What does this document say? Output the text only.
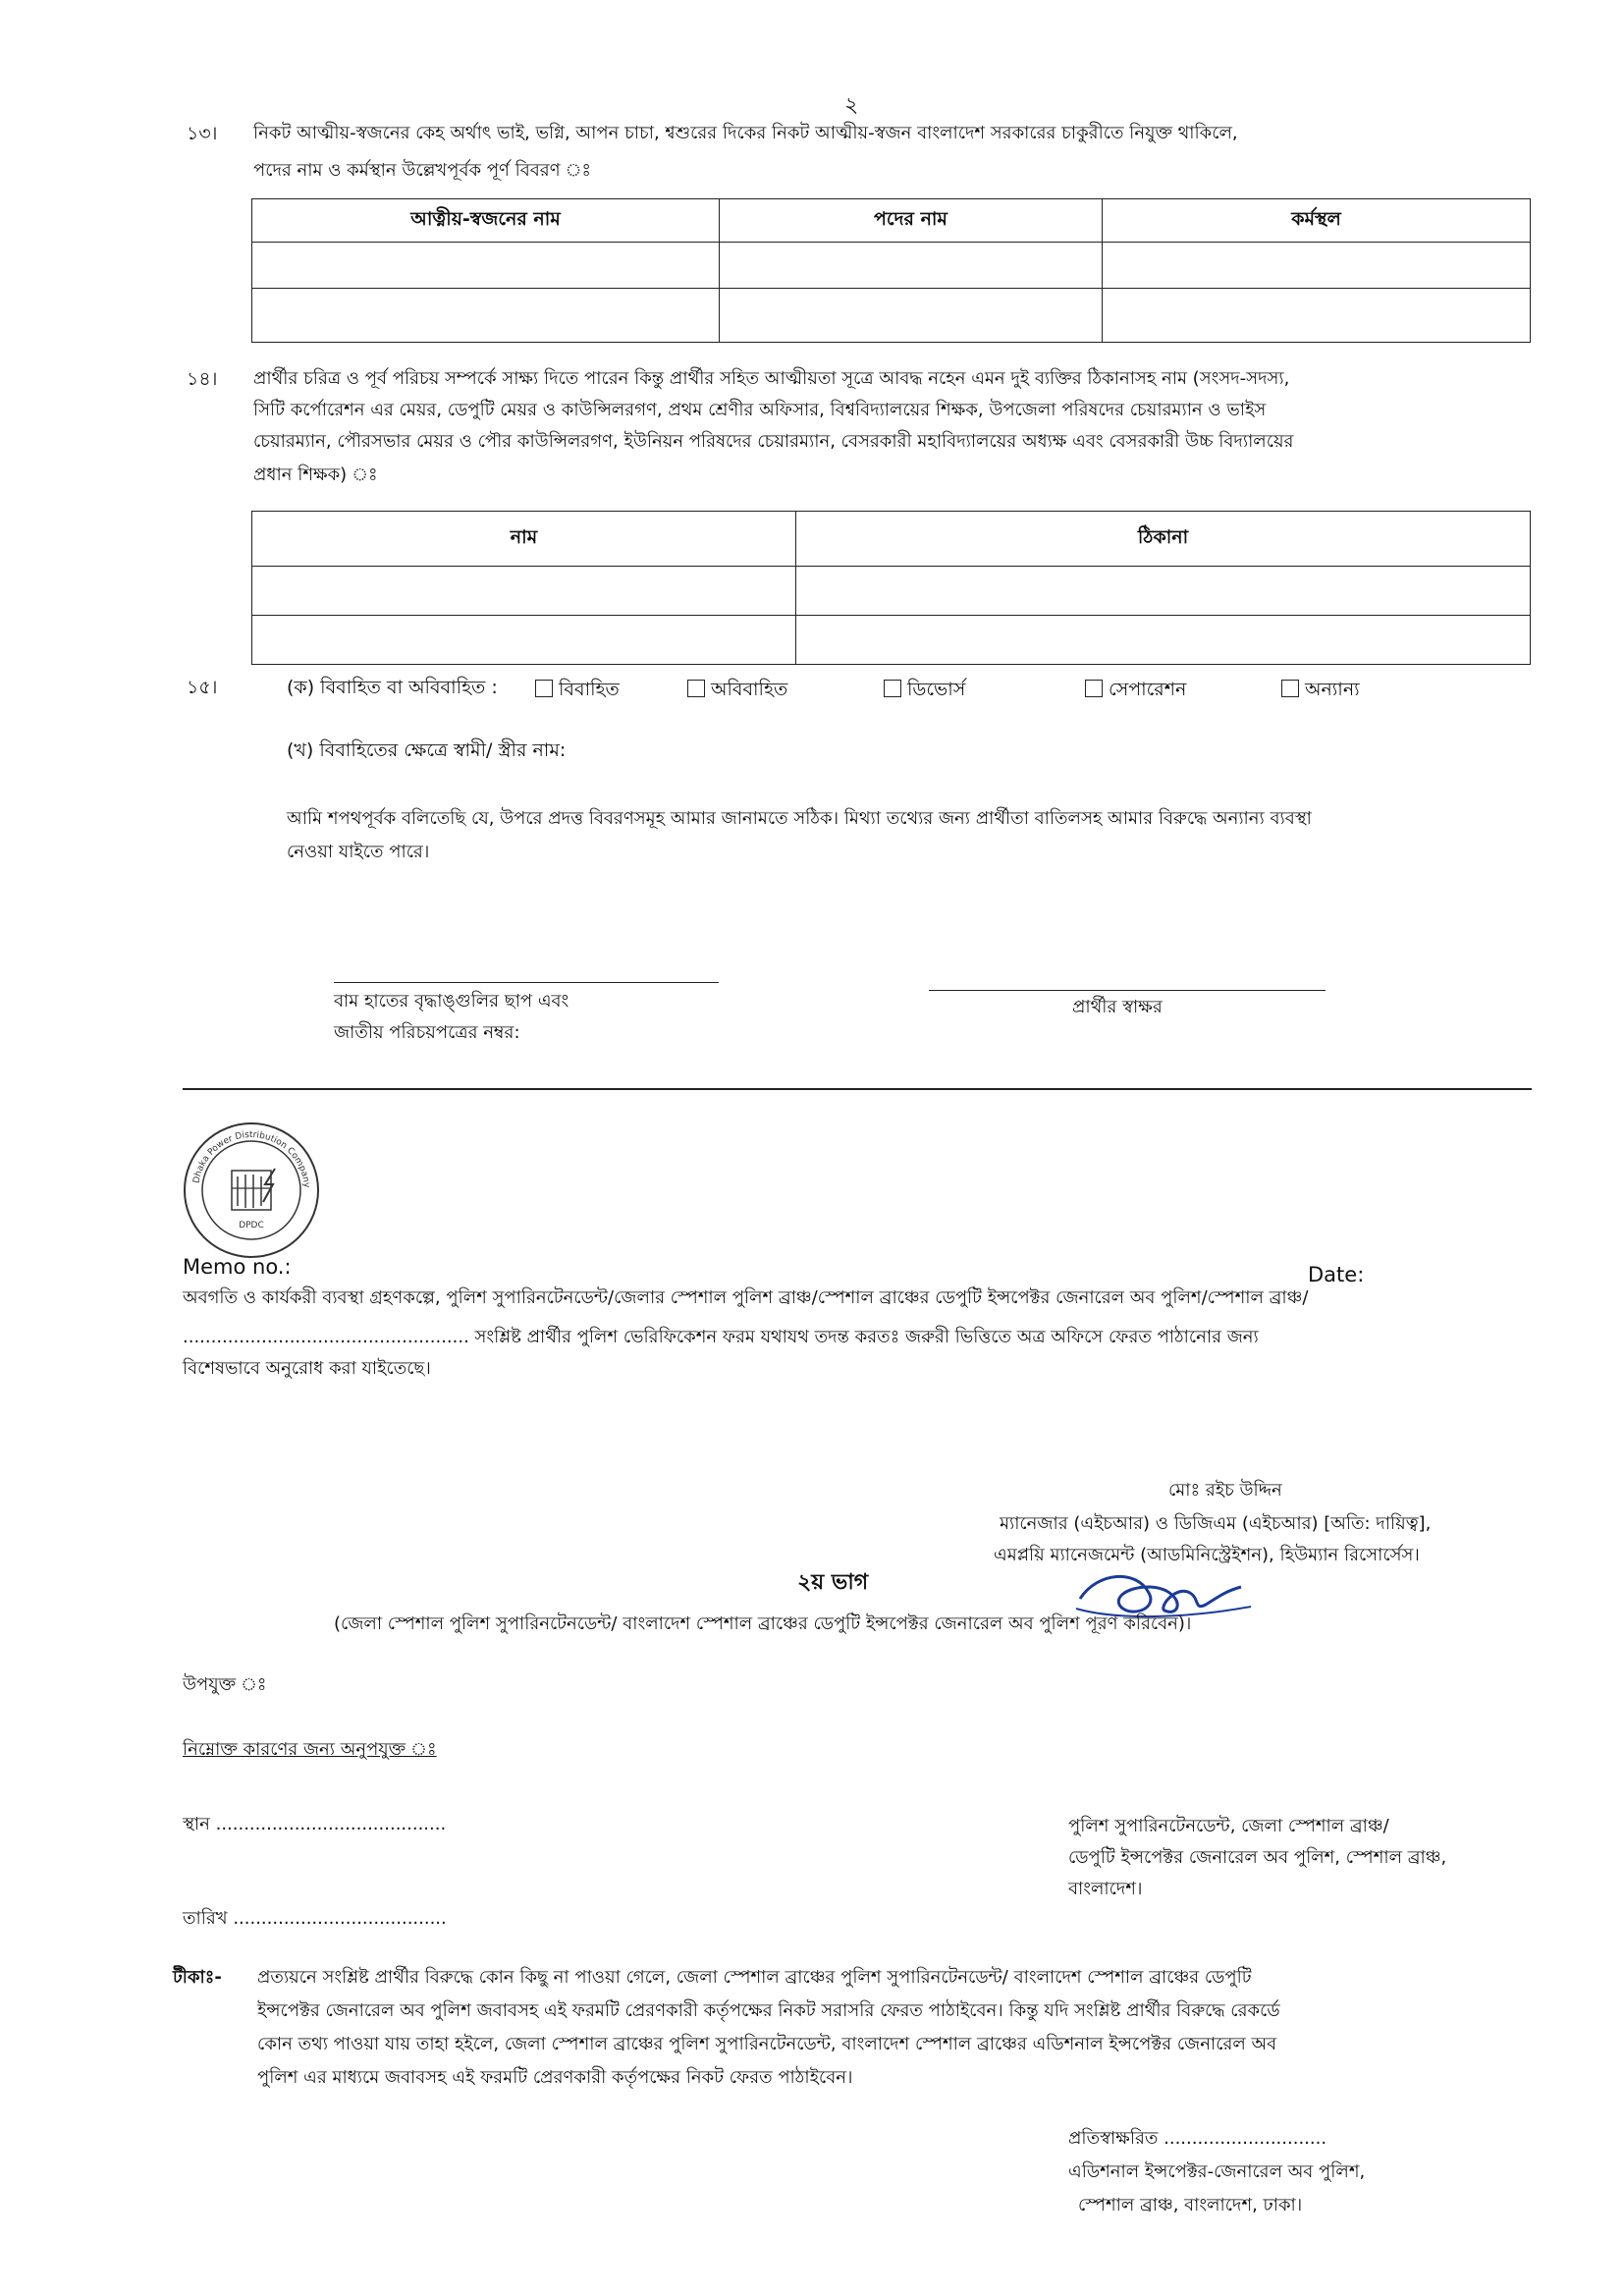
২
১৩। নিকট আত্মীয়-স্বজনের কেহ অর্থাৎ ভাই, ভগ্নি, আপন চাচা, শ্বশুরের দিকের নিকট আত্মীয়-স্বজন বাংলাদেশ সরকারের চাকুরীতে নিযুক্ত থাকিলে,
পদের নাম ও কর্মস্থান উল্লেখপূর্বক পূর্ণ বিবরণ ঃ
আত্নীয়-স্বজনের নাম	পদের নাম	কর্মস্থল

১৪। প্রার্থীর চরিত্র ও পূর্ব পরিচয় সম্পর্কে সাক্ষ্য দিতে পারেন কিন্তু প্রার্থীর সহিত আত্মীয়তা সূত্রে আবদ্ধ নহেন এমন দুই ব্যক্তির ঠিকানাসহ নাম (সংসদ-সদস্য,
সিটি কর্পোরেশন এর মেয়র, ডেপুটি মেয়র ও কাউন্সিলরগণ, প্রথম শ্রেণীর অফিসার, বিশ্ববিদ্যালয়ের শিক্ষক, উপজেলা পরিষদের চেয়ারম্যান ও ভাইস
চেয়ারম্যান, পৌরসভার মেয়র ও পৌর কাউন্সিলরগণ, ইউনিয়ন পরিষদের চেয়ারম্যান, বেসরকারী মহাবিদ্যালয়ের অধ্যক্ষ এবং বেসরকারী উচ্চ বিদ্যালয়ের
প্রধান শিক্ষক) ঃ
নাম	ঠিকানা

১৫।	(ক) বিবাহিত বা অবিবাহিত :	বিবাহিত	অবিবাহিত	ডিভোর্স	সেপারেশন	অন্যান্য
(খ) বিবাহিতের ক্ষেত্রে স্বামী/ স্ত্রীর নাম:
আমি শপথপূর্বক বলিতেছি যে, উপরে প্রদত্ত বিবরণসমূহ আমার জানামতে সঠিক। মিথ্যা তথ্যের জন্য প্রার্থীতা বাতিলসহ আমার বিরুদ্ধে অন্যান্য ব্যবস্থা
নেওয়া যাইতে পারে।
বাম হাতের বৃদ্ধাঙ্গুলির ছাপ এবং
জাতীয় পরিচয়পত্রের নম্বর:
প্রার্থীর স্বাক্ষর
Dhaka Power Distribution Company
DPDC
Memo no.:	Date:
অবগতি ও কার্যকরী ব্যবস্থা গ্রহণকল্পে, পুলিশ সুপারিনটেনডেন্ট/জেলার স্পেশাল পুলিশ ব্রাঞ্চ/স্পেশাল ব্রাঞ্চের ডেপুটি ইন্সপেক্টর জেনারেল অব পুলিশ/স্পেশাল ব্রাঞ্চ/
................................................... সংশ্লিষ্ট প্রার্থীর পুলিশ ভেরিফিকেশন ফরম যথাযথ তদন্ত করতঃ জরুরী ভিত্তিতে অত্র অফিসে ফেরত পাঠানোর জন্য
বিশেষভাবে অনুরোধ করা যাইতেছে।
মোঃ রইচ উদ্দিন
ম্যানেজার (এইচআর) ও ডিজিএম (এইচআর) [অতি: দায়িত্ব],
এমপ্লয়ি ম্যানেজমেন্ট (আডমিনিস্ট্রেইশন), হিউম্যান রিসোর্সেস।
২য় ভাগ
(জেলা স্পেশাল পুলিশ সুপারিনটেনডেন্ট/ বাংলাদেশ স্পেশাল ব্রাঞ্চের ডেপুটি ইন্সপেক্টর জেনারেল অব পুলিশ পূরণ করিবেন)।
উপযুক্ত ঃ
নিম্নোক্ত কারণের জন্য অনুপযুক্ত ঃ
স্থান .........................................
তারিখ ......................................
পুলিশ সুপারিনটেনডেন্ট, জেলা স্পেশাল ব্রাঞ্চ/
ডেপুটি ইন্সপেক্টর জেনারেল অব পুলিশ, স্পেশাল ব্রাঞ্চ,
বাংলাদেশ।
টীকাঃ- প্রত্যয়নে সংশ্লিষ্ট প্রার্থীর বিরুদ্ধে কোন কিছু না পাওয়া গেলে, জেলা স্পেশাল ব্রাঞ্চের পুলিশ সুপারিনটেনডেন্ট/ বাংলাদেশ স্পেশাল ব্রাঞ্চের ডেপুটি
ইন্সপেক্টর জেনারেল অব পুলিশ জবাবসহ এই ফরমটি প্রেরণকারী কর্তৃপক্ষের নিকট সরাসরি ফেরত পাঠাইবেন। কিন্তু যদি সংশ্লিষ্ট প্রার্থীর বিরুদ্ধে রেকর্ডে
কোন তথ্য পাওয়া যায় তাহা হইলে, জেলা স্পেশাল ব্রাঞ্চের পুলিশ সুপারিনটেনডেন্ট, বাংলাদেশ স্পেশাল ব্রাঞ্চের এডিশনাল ইন্সপেক্টর জেনারেল অব
পুলিশ এর মাধ্যমে জবাবসহ এই ফরমটি প্রেরণকারী কর্তৃপক্ষের নিকট ফেরত পাঠাইবেন।
প্রতিস্বাক্ষরিত .............................
এডিশনাল ইন্সপেক্টর-জেনারেল অব পুলিশ,
স্পেশাল ব্রাঞ্চ, বাংলাদেশ, ঢাকা।
